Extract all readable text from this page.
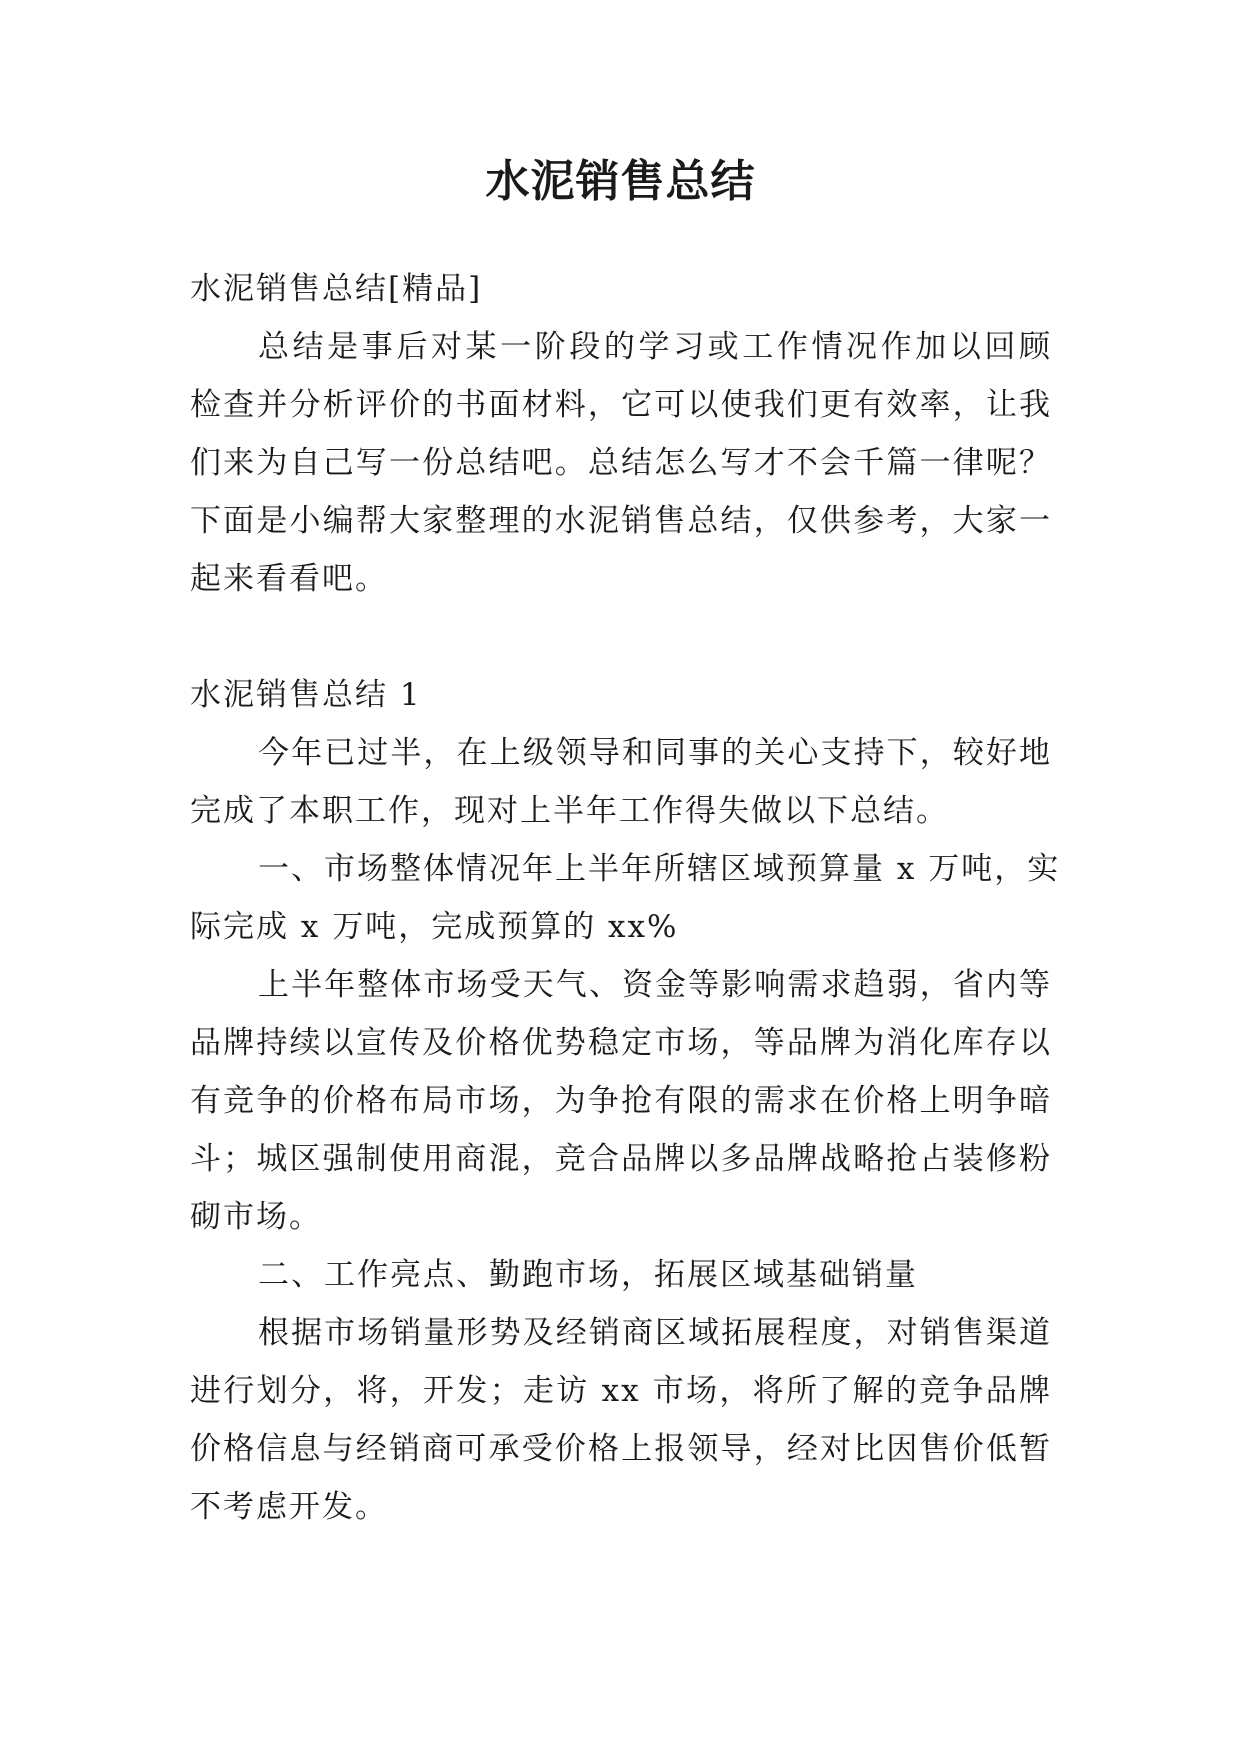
水泥销售总结
水泥销售总结[精品]
总结是事后对某一阶段的学习或工作情况作加以回顾
检查并分析评价的书面材料，它可以使我们更有效率，让我
们来为自己写一份总结吧。总结怎么写才不会千篇一律呢？
下面是小编帮大家整理的水泥销售总结，仅供参考，大家一
起来看看吧。
水泥销售总结 1
今年已过半，在上级领导和同事的关心支持下，较好地
完成了本职工作，现对上半年工作得失做以下总结。
一、市场整体情况年上半年所辖区域预算量 x 万吨，实
际完成 x 万吨，完成预算的 xx%
上半年整体市场受天气、资金等影响需求趋弱，省内等
品牌持续以宣传及价格优势稳定市场，等品牌为消化库存以
有竞争的价格布局市场，为争抢有限的需求在价格上明争暗
斗；城区强制使用商混，竞合品牌以多品牌战略抢占装修粉
砌市场。
二、工作亮点、勤跑市场，拓展区域基础销量
根据市场销量形势及经销商区域拓展程度，对销售渠道
进行划分，将，开发；走访 xx 市场，将所了解的竞争品牌
价格信息与经销商可承受价格上报领导，经对比因售价低暂
不考虑开发。
